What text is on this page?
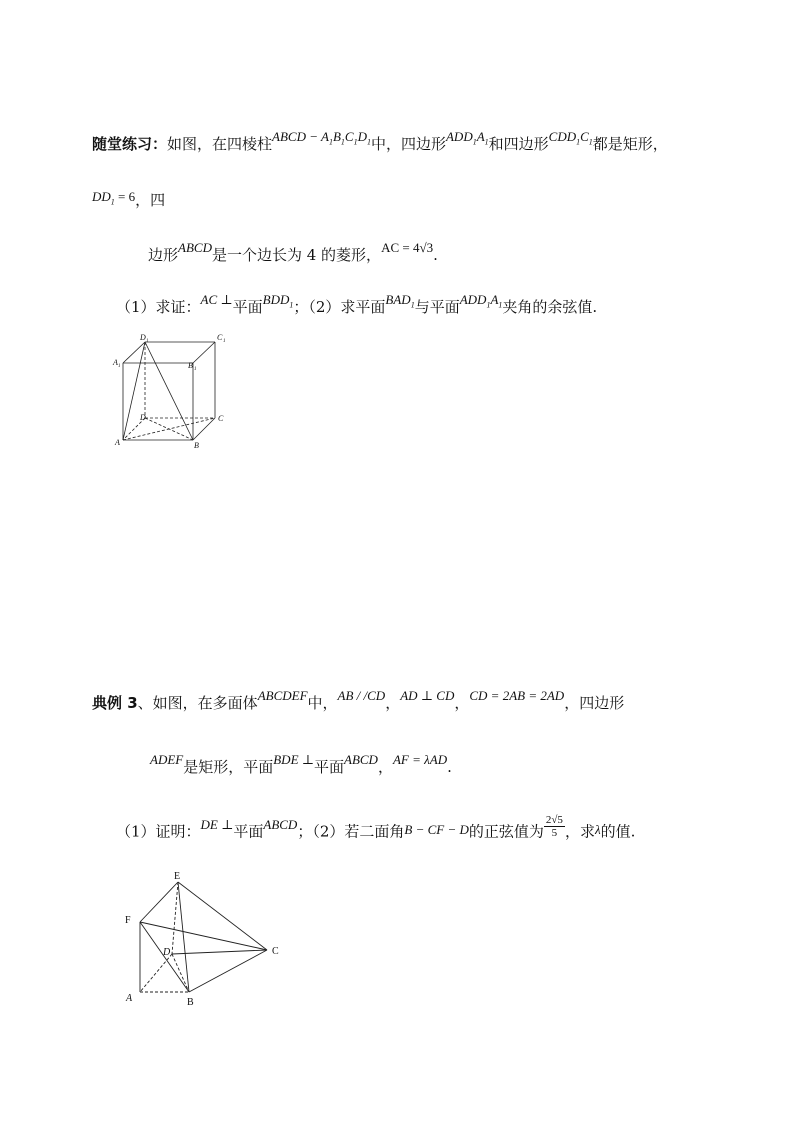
随堂练习：如图，在四棱柱ABCD − $A_1B_1C_1D_1$中，四边形$ADD_1A_1$和四边形$CDD_1C_1$都是矩形，
$DD_1 = 6$，四
边形ABCD是一个边长为 4 的菱形，AC = 4√3.
（1）求证：AC ⊥平面$BDD_1$；（2）求平面$BAD_1$与平面$ADD_1A_1$夹角的余弦值.
D 1	C 1
A 1	B 1
D	C
A	B
典例 3、如图，在多面体ABCDEF中，AB / /CD，AD ⊥ CD，CD = 2AB = 2AD，四边形
ADEF是矩形，平面BDE ⊥平面ABCD，AF = λAD.
（1）证明：DE ⊥平面ABCD；（2）若二面角B − CF − D的正弦值为 $\frac{2√5}{5}$ ，求λ的值.
E
F
D	C
A	B
